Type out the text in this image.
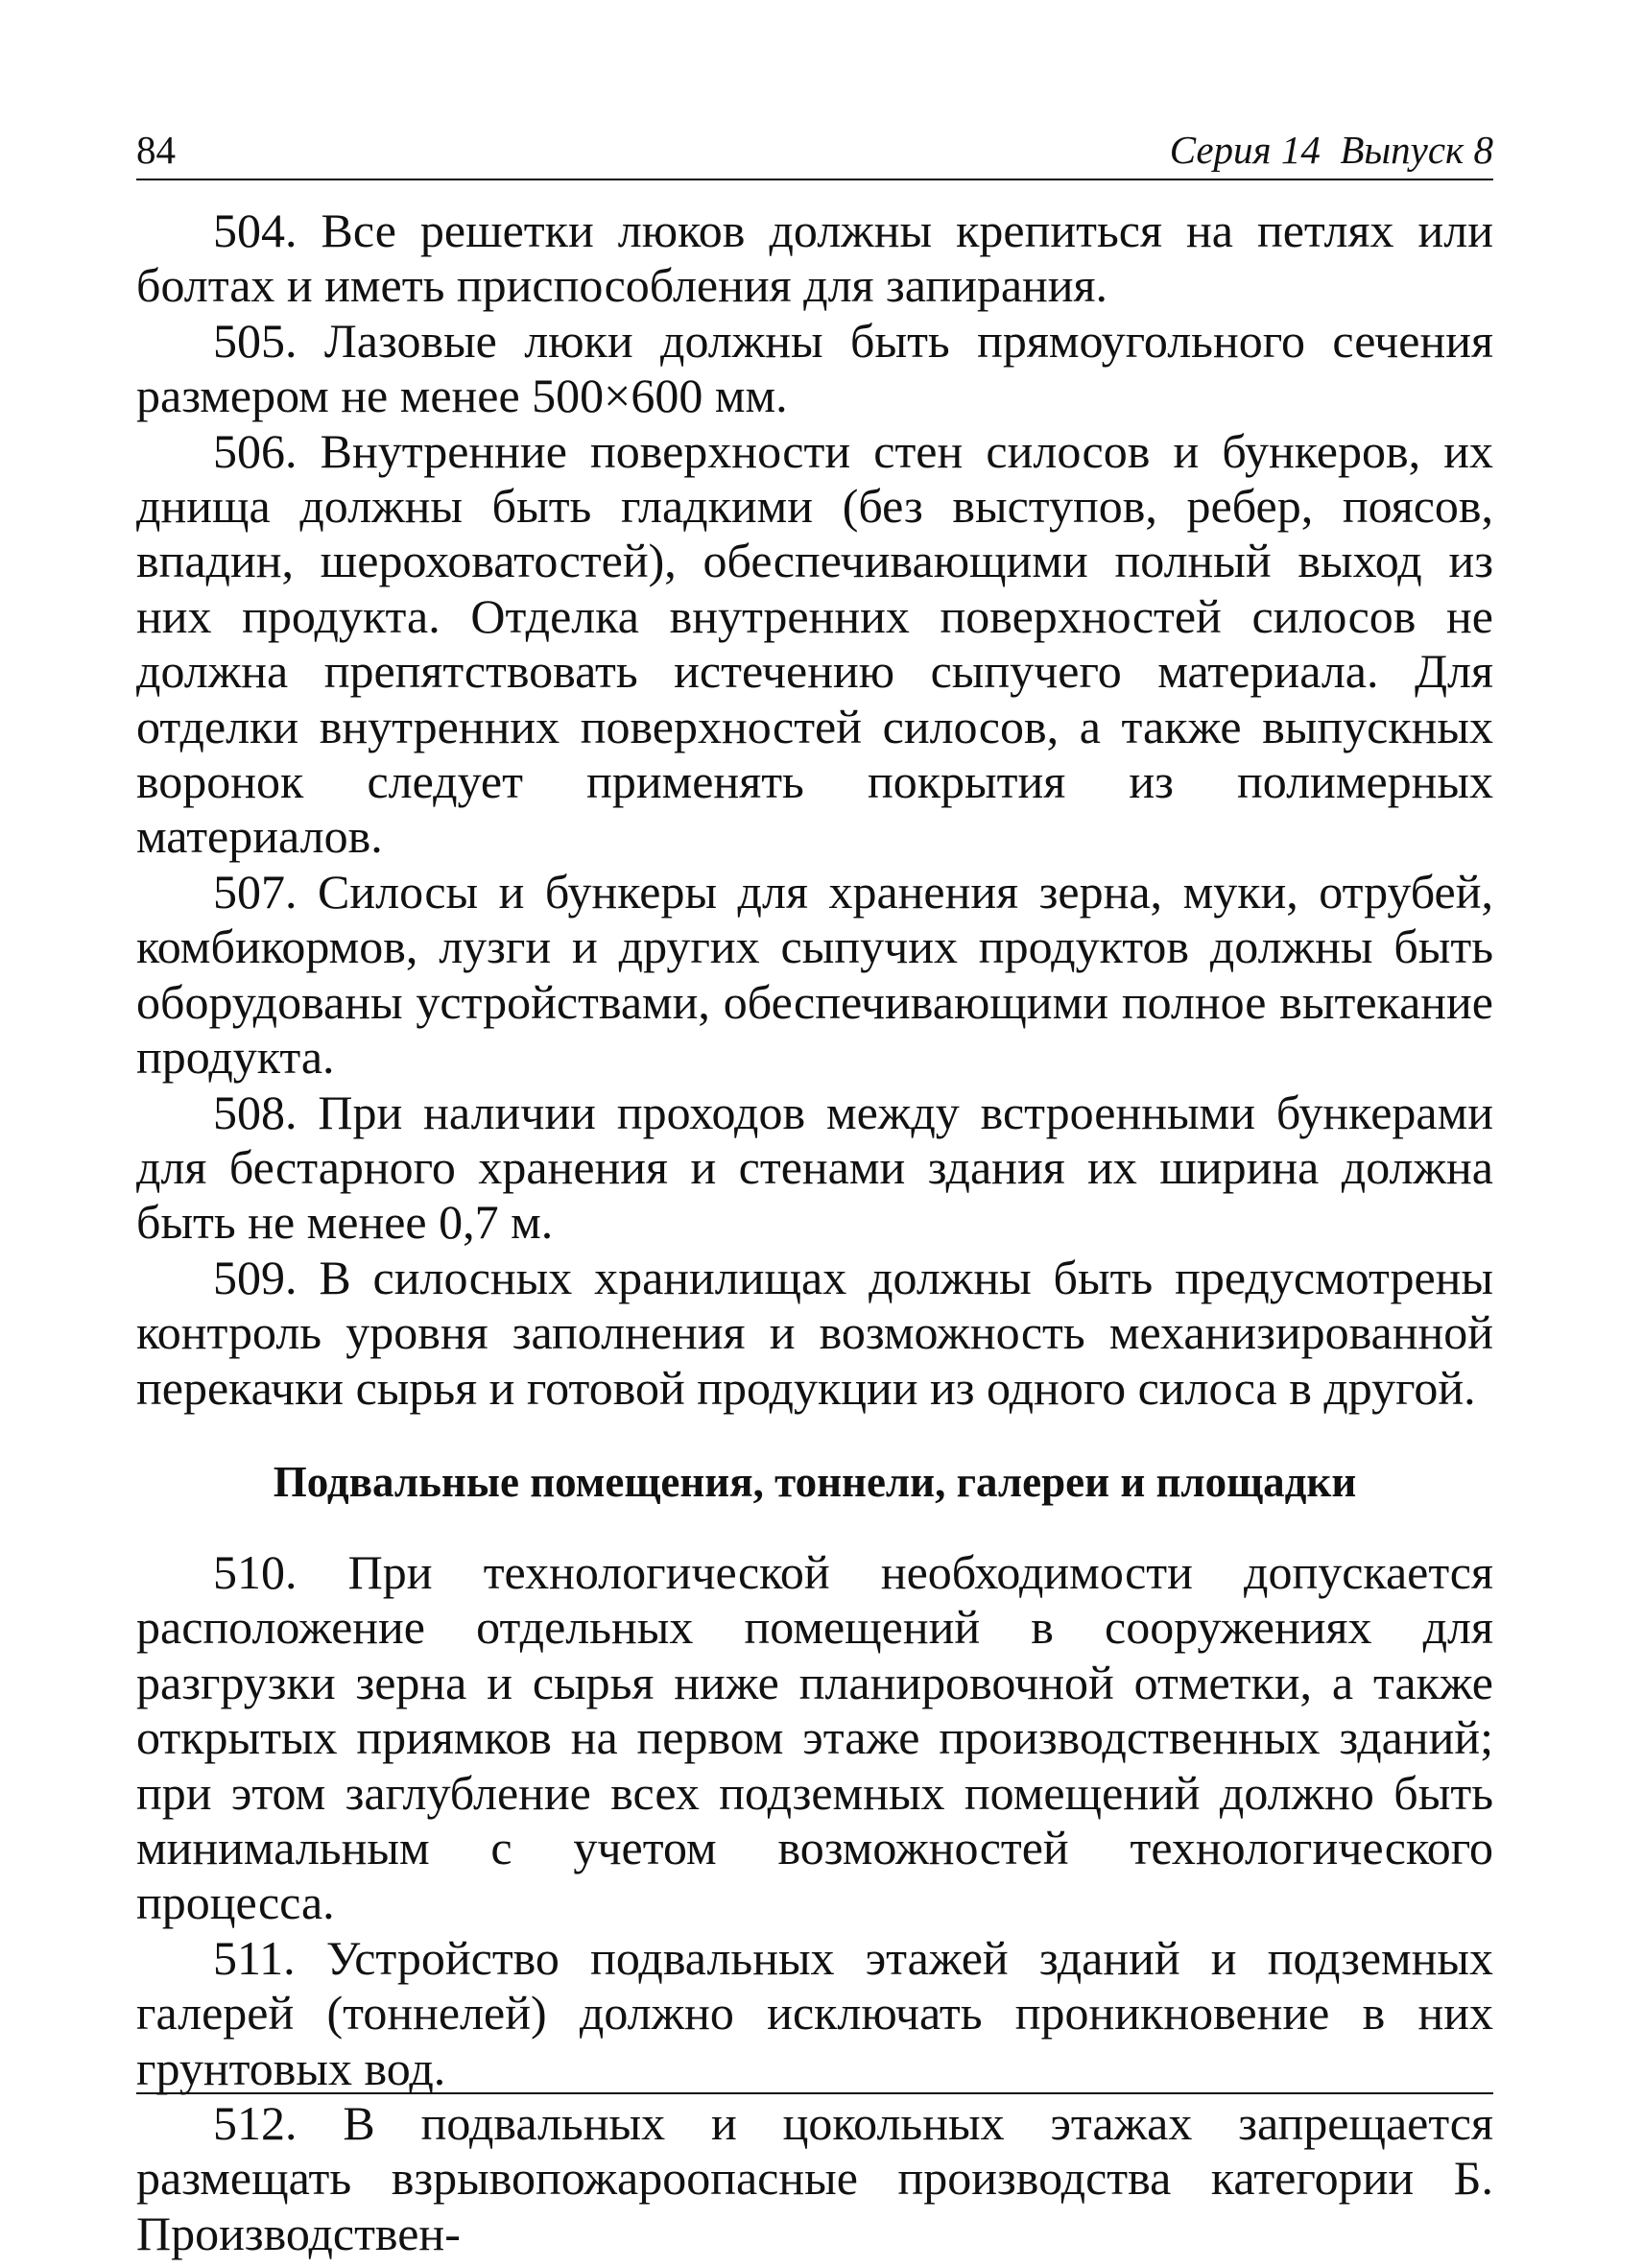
84	Серия 14  Выпуск 8

504. Все решетки люков должны крепиться на петлях или болтах и иметь приспособления для запирания.

505. Лазовые люки должны быть прямоугольного сечения размером не менее 500×600 мм.

506. Внутренние поверхности стен силосов и бункеров, их днища должны быть гладкими (без выступов, ребер, поясов, впадин, шероховатостей), обеспечивающими полный выход из них продукта. Отделка внутренних поверхностей силосов не должна препятствовать истечению сыпучего материала. Для отделки внутренних поверхностей силосов, а также выпускных воронок следует применять покрытия из полимерных материалов.

507. Силосы и бункеры для хранения зерна, муки, отрубей, комбикормов, лузги и других сыпучих продуктов должны быть оборудованы устройствами, обеспечивающими полное вытекание продукта.

508. При наличии проходов между встроенными бункерами для бестарного хранения и стенами здания их ширина должна быть не менее 0,7 м.

509. В силосных хранилищах должны быть предусмотрены контроль уровня заполнения и возможность механизированной перекачки сырья и готовой продукции из одного силоса в другой.

Подвальные помещения, тоннели, галереи и площадки

510. При технологической необходимости допускается расположение отдельных помещений в сооружениях для разгрузки зерна и сырья ниже планировочной отметки, а также открытых приямков на первом этаже производственных зданий; при этом заглубление всех подземных помещений должно быть минимальным с учетом возможностей технологического процесса.

511. Устройство подвальных этажей зданий и подземных галерей (тоннелей) должно исключать проникновение в них грунтовых вод.

512. В подвальных и цокольных этажах запрещается размещать взрывопожароопасные производства категории Б. Производствен-
